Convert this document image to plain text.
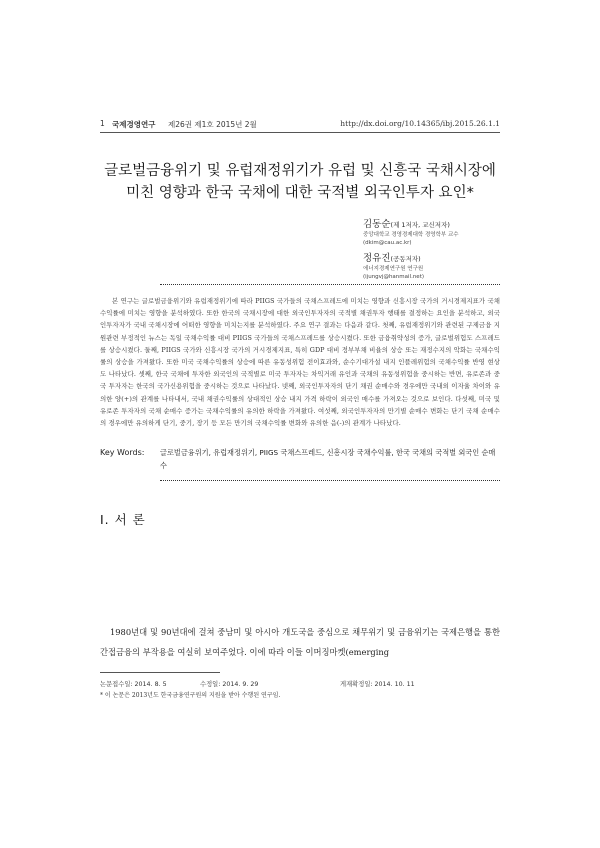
1 국제경영연구 제26권 제1호 2015년 2월	http://dx.doi.org/10.14365/ibj.2015.26.1.1
글로벌금융위기 및 유럽재정위기가 유럽 및 신흥국 국채시장에
미친 영향과 한국 국채에 대한 국적별 외국인투자 요인*
김동순(제 1저자, 교신저자)
중앙대학교 경영경제대학 경영학부 교수
(dkim@cau.ac.kr)
정유진(공동저자)
에너지경제연구원 연구원
(ijungvj@hanmail.net)
본 연구는 글로벌금융위기와 유럽재정위기에 따라 PIIGS 국가들의 국채스프레드에 미치는 영향과 신흥시장 국가의 거시경제지표가 국채수익률에 미치는 영향을 분석하였다. 또한 한국의 국채시장에 대한 외국인투자자의 국적별 채권투자 행태를 결정하는 요인을 분석하고, 외국인투자자가 국내 국채시장에 어떠한 영향을 미치는지를 분석하였다. 주요 연구 결과는 다음과 같다. 첫째, 유럽재정위기와 관련된 구제금융 지원관련 부정적인 뉴스는 독일 국채수익률 대비 PIIGS 국가들의 국채스프레드를 상승시켰다. 또한 금융취약성의 증가, 글로벌위험도 스프레드를 상승시켰다. 둘째, PIIGS 국가와 신흥시장 국가의 거시경제지표, 특히 GDP 대비 정부부채 비율의 상승 또는 재정수지의 악화는 국채수익률의 상승을 가져왔다. 또한 미국 국채수익률의 상승에 따른 유동성위험 전이효과와, 순수기대가설 내지 인플레위험의 국채수익률 반영 현상도 나타났다. 셋째, 한국 국채에 투자한 외국인의 국적별로 미국 투자자는 차익거래 유인과 국채의 유동성위험을 중시하는 반면, 유로존과 중국 투자자는 한국의 국가신용위험을 중시하는 것으로 나타났다. 넷째, 외국인투자자의 단기 채권 순매수와 경우에만 국내외 이자율 차이와 유의한 양(+)의 관계를 나타내서, 국내 채권수익률의 상대적인 상승 내지 가격 하락이 외국인 매수를 가져오는 것으로 보인다. 다섯째, 미국 및 유로존 투자자의 국채 순매수 증가는 국채수익률의 유의한 하락을 가져왔다. 여섯째, 외국인투자자의 만기별 순매수 변화는 단기 국채 순매수의 경우에만 유의하게 단기, 중기, 장기 등 모든 만기의 국채수익률 변화와 유의한 음(-)의 관계가 나타났다.
Key Words: 글로벌금융위기, 유럽재정위기, PIIGS 국채스프레드, 신흥시장 국채수익률, 한국 국채의 국적별 외국인 순매수
Ⅰ. 서 론
1980년대 및 90년대에 걸쳐 중남미 및 아시아 개도국을 중심으로 채무위기 및 금융위기는 국제은행을 통한 간접금융의 부작용을 여실히 보여주었다. 이에 따라 이들 이머징마켓(emerging
논문접수일: 2014. 8. 5	수정일: 2014. 9. 29	게재확정일: 2014. 10. 11
* 이 논문은 2013년도 한국금융연구원의 지원을 받아 수행된 연구임.
